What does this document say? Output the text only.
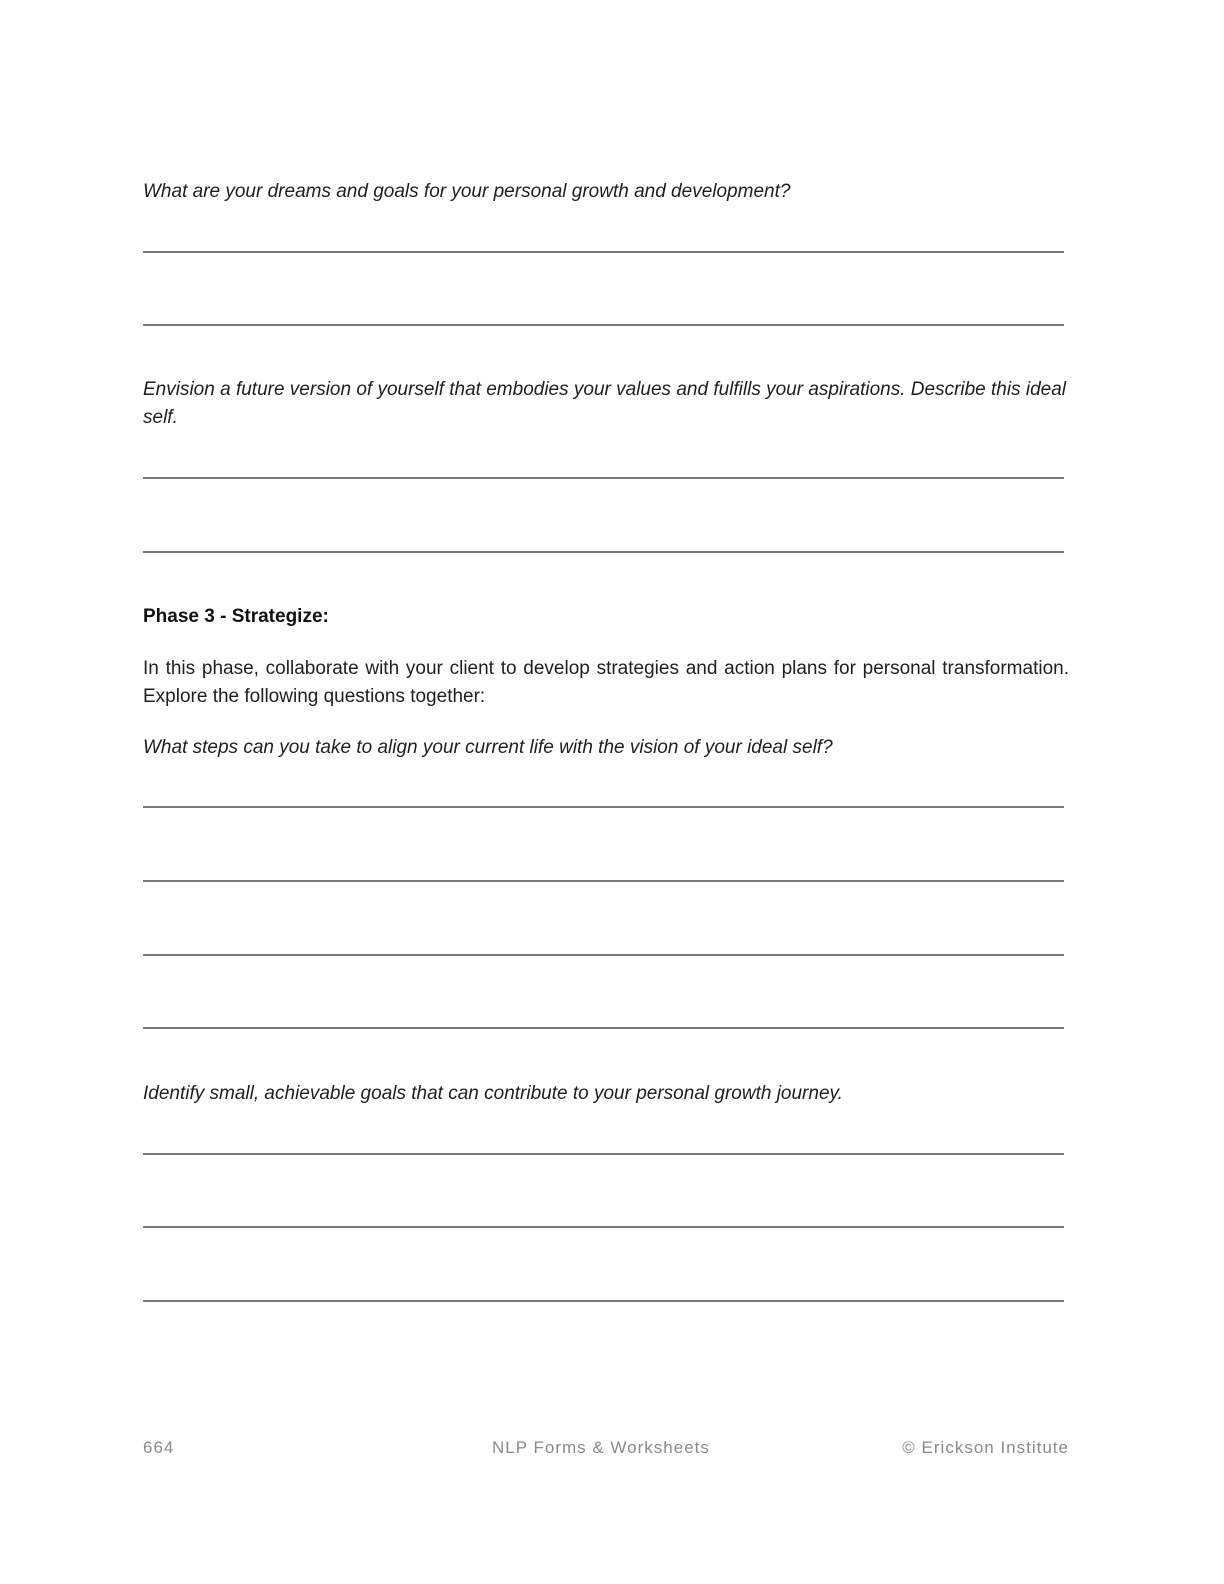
What are your dreams and goals for your personal growth and development?
Envision a future version of yourself that embodies your values and fulfills your aspirations. Describe this ideal self.
Phase 3 - Strategize:
In this phase, collaborate with your client to develop strategies and action plans for personal transformation. Explore the following questions together:
What steps can you take to align your current life with the vision of your ideal self?
Identify small, achievable goals that can contribute to your personal growth journey.
664	NLP Forms & Worksheets	© Erickson Institute
